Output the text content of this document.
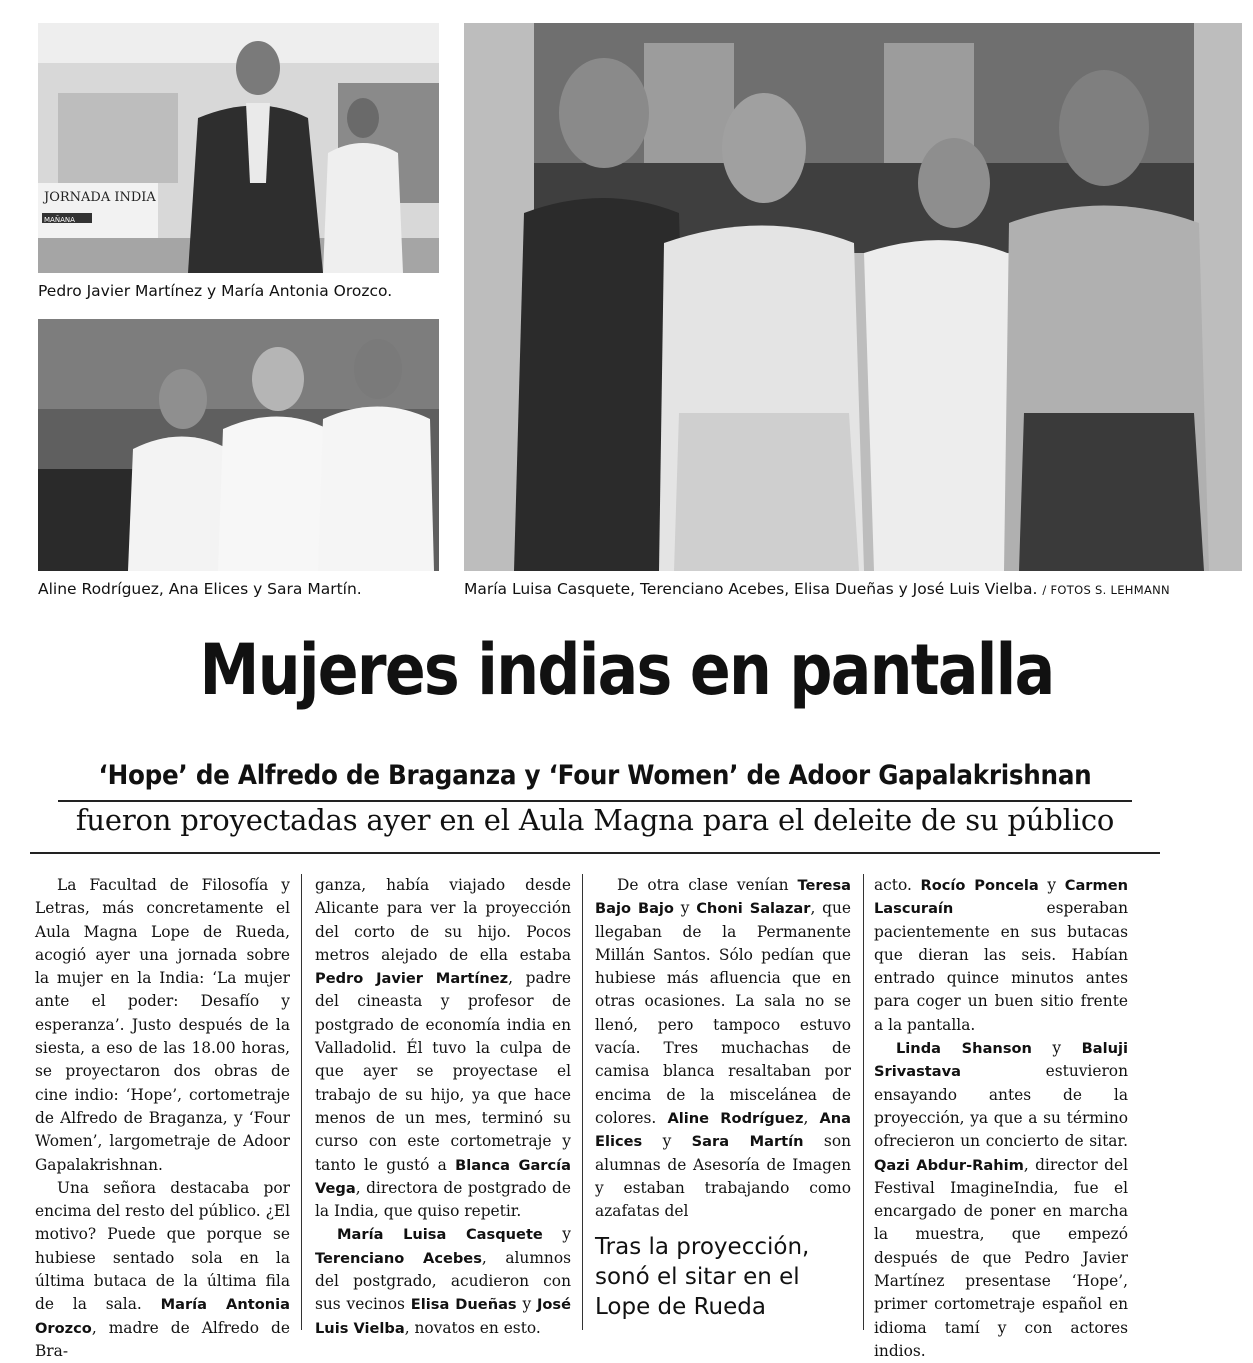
JORNADA INDIA
MAÑANA
Pedro Javier Martínez y María Antonia Orozco.
Aline Rodríguez, Ana Elices y Sara Martín.	María Luisa Casquete, Terenciano Acebes, Elisa Dueñas y José Luis Vielba. / FOTOS S. LEHMANN
Mujeres indias en pantalla
‘Hope’ de Alfredo de Braganza y ‘Four Women’ de Adoor Gapalakrishnan
fueron proyectadas ayer en el Aula Magna para el deleite de su público

La Facultad de Filosofía y Letras, más concretamente el Aula Magna Lope de Rueda, acogió ayer una jornada sobre la mujer en la India: ‘La mujer ante el poder: Desafío y esperanza’. Justo después de la siesta, a eso de las 18.00 horas, se proyectaron dos obras de cine indio: ‘Hope’, cortometraje de Alfredo de Braganza, y ‘Four Women’, largometraje de Adoor Gapalakrishnan.

Una señora destacaba por encima del resto del público. ¿El motivo? Puede que porque se hubiese sentado sola en la última butaca de la última fila de la sala. María Antonia Orozco, madre de Alfredo de Bra-

ganza, había viajado desde Alicante para ver la proyección del corto de su hijo. Pocos metros alejado de ella estaba Pedro Javier Martínez, padre del cineasta y profesor de postgrado de economía india en Valladolid. Él tuvo la culpa de que ayer se proyectase el trabajo de su hijo, ya que hace menos de un mes, terminó su curso con este cortometraje y tanto le gustó a Blanca García Vega, directora de postgrado de la India, que quiso repetir.

María Luisa Casquete y Terenciano Acebes, alumnos del postgrado, acudieron con sus vecinos Elisa Dueñas y José Luis Vielba, novatos en esto.

De otra clase venían Teresa Bajo Bajo y Choni Salazar, que llegaban de la Permanente Millán Santos. Sólo pedían que hubiese más afluencia que en otras ocasiones. La sala no se llenó, pero tampoco estuvo vacía. Tres muchachas de camisa blanca resaltaban por encima de la miscelánea de colores. Aline Rodríguez, Ana Elices y Sara Martín son alumnas de Asesoría de Imagen y estaban trabajando como azafatas del

Tras la proyección, sonó el sitar en el Lope de Rueda

acto. Rocío Poncela y Carmen Lascuraín esperaban pacientemente en sus butacas que dieran las seis. Habían entrado quince minutos antes para coger un buen sitio frente a la pantalla.

Linda Shanson y Baluji Srivastava estuvieron ensayando antes de la proyección, ya que a su término ofrecieron un concierto de sitar. Qazi Abdur-Rahim, director del Festival ImagineIndia, fue el encargado de poner en marcha la muestra, que empezó después de que Pedro Javier Martínez presentase ‘Hope’, primer cortometraje español en idioma tamí y con actores indios.
